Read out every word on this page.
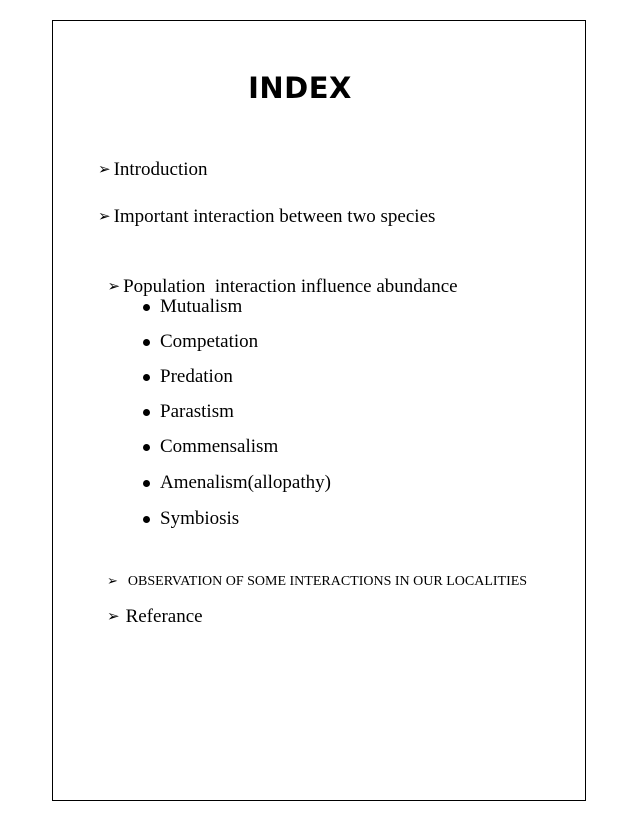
INDEX
➢ Introduction
➢ Important interaction between two species

➢ Population  interaction influence abundance

Mutualism
Competation
Predation
Parastism
Commensalism
Amenalism(allopathy)
Symbiosis
➢ OBSERVATION OF SOME INTERACTIONS IN OUR LOCALITIES
➢ Referance
